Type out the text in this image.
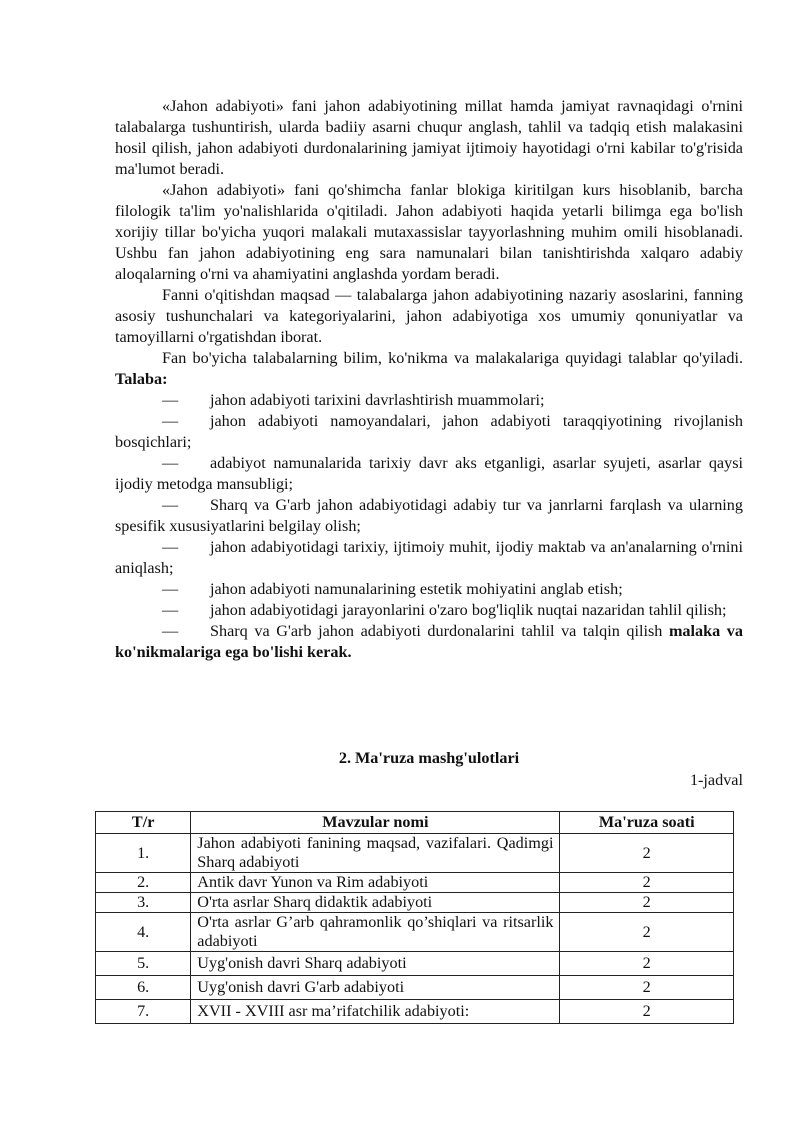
«Jahon adabiyoti» fani jahon adabiyotining millat hamda jamiyat ravnaqidagi o'rnini talabalarga tushuntirish, ularda badiiy asarni chuqur anglash, tahlil va tadqiq etish malakasini hosil qilish, jahon adabiyoti durdonalarining jamiyat ijtimoiy hayotidagi o'rni kabilar to'g'risida ma'lumot beradi.

«Jahon adabiyoti» fani qo'shimcha fanlar blokiga kiritilgan kurs hisoblanib, barcha filologik ta'lim yo'nalishlarida o'qitiladi. Jahon adabiyoti haqida yetarli bilimga ega bo'lish xorijiy tillar bo'yicha yuqori malakali mutaxassislar tayyorlashning muhim omili hisoblanadi. Ushbu fan jahon adabiyotining eng sara namunalari bilan tanishtirishda xalqaro adabiy aloqalarning o'rni va ahamiyatini anglashda yordam beradi.

Fanni o'qitishdan maqsad — talabalarga jahon adabiyotining nazariy asoslarini, fanning asosiy tushunchalari va kategoriyalarini, jahon adabiyotiga xos umumiy qonuniyatlar va tamoyillarni o'rgatishdan iborat.

Fan bo'yicha talabalarning bilim, ko'nikma va malakalariga quyidagi talablar qo'yiladi. Talaba:

— jahon adabiyoti tarixini davrlashtirish muammolari;

— jahon adabiyoti namoyandalari, jahon adabiyoti taraqqiyotining rivojlanish bosqichlari;

— adabiyot namunalarida tarixiy davr aks etganligi, asarlar syujeti, asarlar qaysi ijodiy metodga mansubligi;

— Sharq va G'arb jahon adabiyotidagi adabiy tur va janrlarni farqlash va ularning spesifik xususiyatlarini belgilay olish;

— jahon adabiyotidagi tarixiy, ijtimoiy muhit, ijodiy maktab va an'analarning o'rnini aniqlash;

— jahon adabiyoti namunalarining estetik mohiyatini anglab etish;

— jahon adabiyotidagi jarayonlarini o'zaro bog'liqlik nuqtai nazaridan tahlil qilish;

— Sharq va G'arb jahon adabiyoti durdonalarini tahlil va talqin qilish malaka va ko'nikmalariga ega bo'lishi kerak.

2. Ma'ruza mashg'ulotlari

1-jadval

T/r	Mavzular nomi	Ma'ruza soati
1.	Jahon adabiyoti fanining maqsad, vazifalari. Qadimgi Sharq adabiyoti	2
2.	Antik davr Yunon va Rim adabiyoti	2
3.	O'rta asrlar Sharq didaktik adabiyoti	2
4.	O'rta asrlar G’arb qahramonlik qo’shiqlari va ritsarlik adabiyoti	2
5.	Uyg'onish davri Sharq adabiyoti	2
6.	Uyg'onish davri G'arb adabiyoti	2
7.	XVII - XVIII asr ma’rifatchilik adabiyoti:	2
